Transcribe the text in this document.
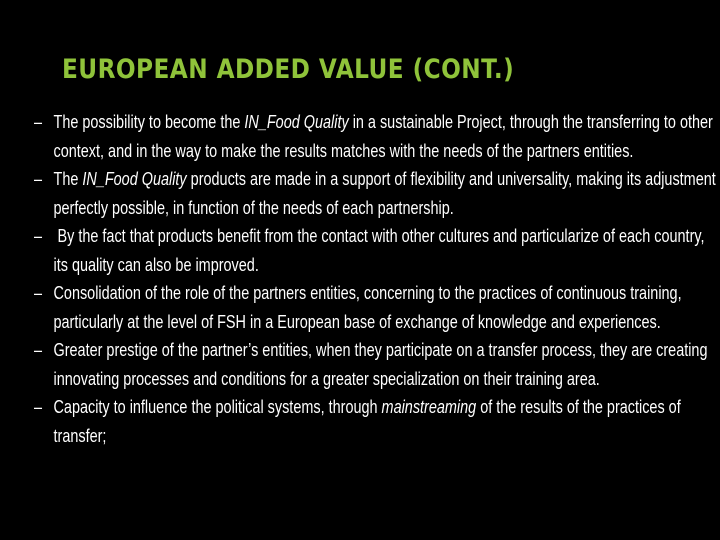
EUROPEAN ADDED VALUE (CONT.)
– The possibility to become the IN_Food Quality in a sustainable Project, through the transferring to other context, and in the way to make the results matches with the needs of the partners entities.
– The IN_Food Quality products are made in a support of flexibility and universality, making its adjustment perfectly possible, in function of the needs of each partnership.
– By the fact that products benefit from the contact with other cultures and particularize of each country, its quality can also be improved.
– Consolidation of the role of the partners entities, concerning to the practices of continuous training, particularly at the level of FSH in a European base of exchange of knowledge and experiences.
– Greater prestige of the partner’s entities, when they participate on a transfer process, they are creating innovating processes and conditions for a greater specialization on their training area.
– Capacity to influence the political systems, through mainstreaming of the results of the practices of transfer;
